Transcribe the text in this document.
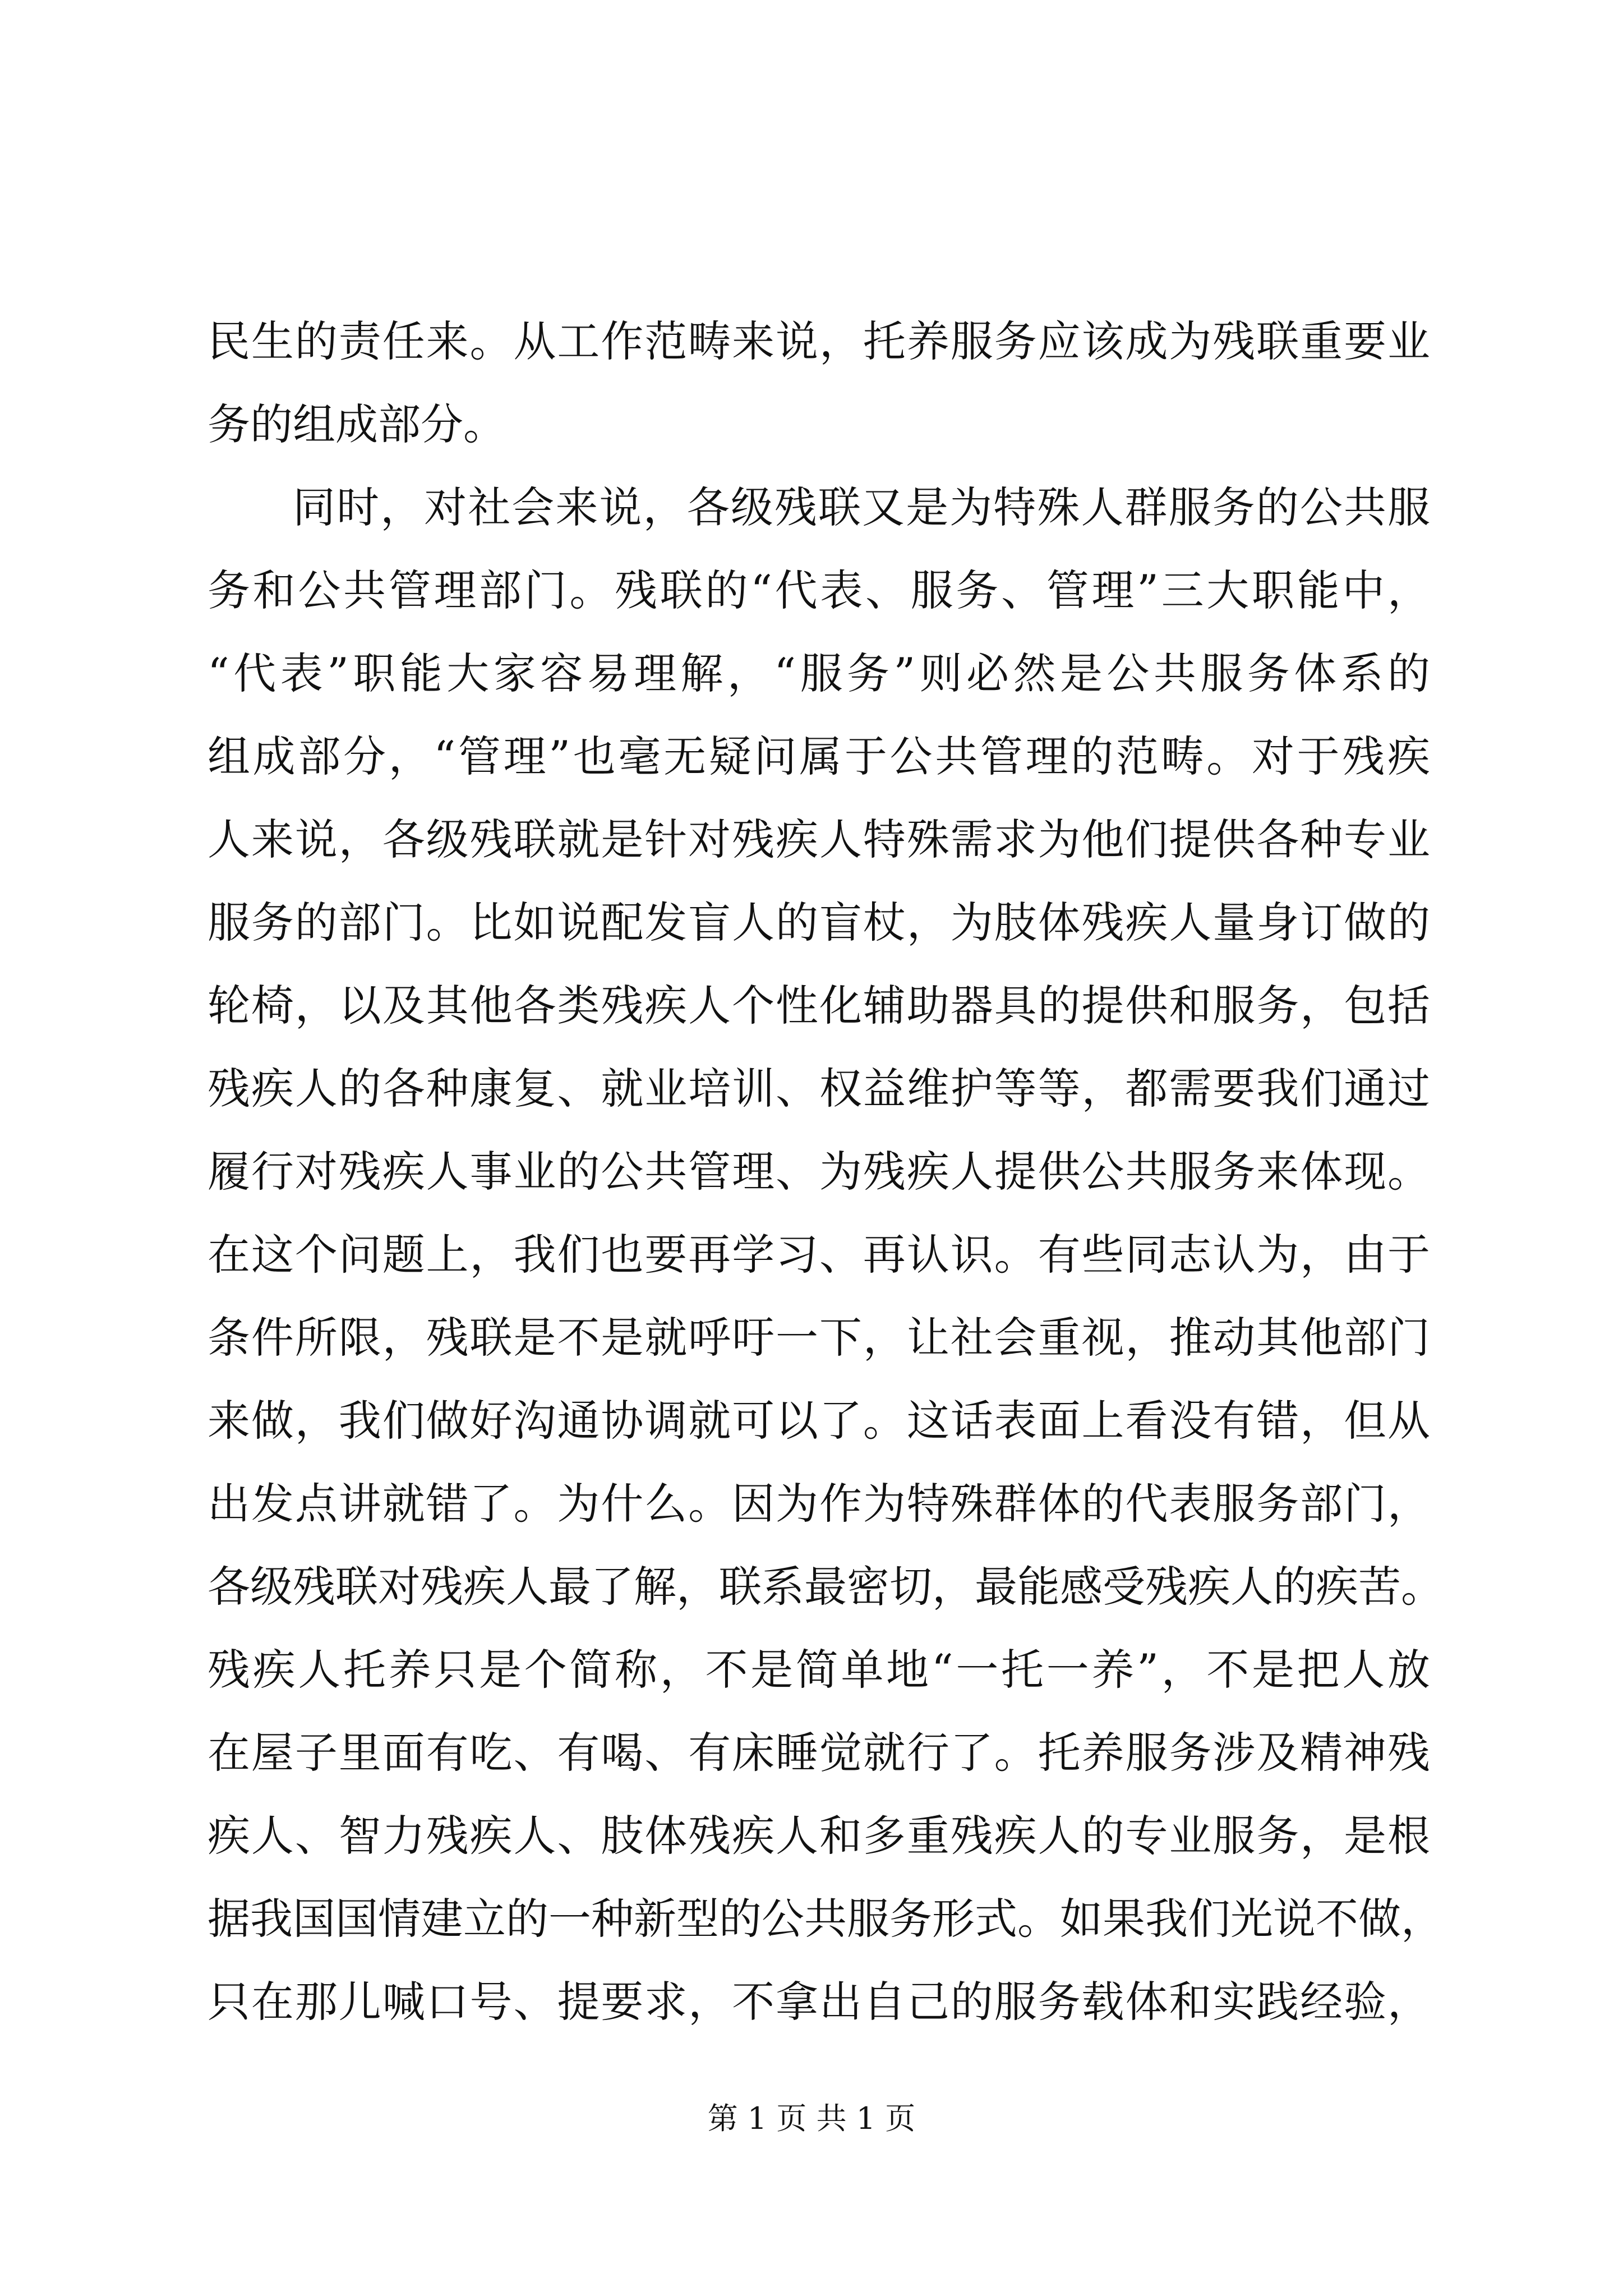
民生的责任来。从工作范畴来说，托养服务应该成为残联重要业
务的组成部分。
同时，对社会来说，各级残联又是为特殊人群服务的公共服
务和公共管理部门。残联的“代表、服务、管理”三大职能中，
“代表”职能大家容易理解，“服务”则必然是公共服务体系的
组成部分，“管理”也毫无疑问属于公共管理的范畴。对于残疾
人来说，各级残联就是针对残疾人特殊需求为他们提供各种专业
服务的部门。比如说配发盲人的盲杖，为肢体残疾人量身订做的
轮椅，以及其他各类残疾人个性化辅助器具的提供和服务，包括
残疾人的各种康复、就业培训、权益维护等等，都需要我们通过
履行对残疾人事业的公共管理、为残疾人提供公共服务来体现。
在这个问题上，我们也要再学习、再认识。有些同志认为，由于
条件所限，残联是不是就呼吁一下，让社会重视，推动其他部门
来做，我们做好沟通协调就可以了。这话表面上看没有错，但从
出发点讲就错了。为什么。因为作为特殊群体的代表服务部门，
各级残联对残疾人最了解，联系最密切，最能感受残疾人的疾苦。
残疾人托养只是个简称，不是简单地“一托一养”，不是把人放
在屋子里面有吃、有喝、有床睡觉就行了。托养服务涉及精神残
疾人、智力残疾人、肢体残疾人和多重残疾人的专业服务，是根
据我国国情建立的一种新型的公共服务形式。如果我们光说不做，
只在那儿喊口号、提要求，不拿出自己的服务载体和实践经验，
第 1 页 共 1 页
